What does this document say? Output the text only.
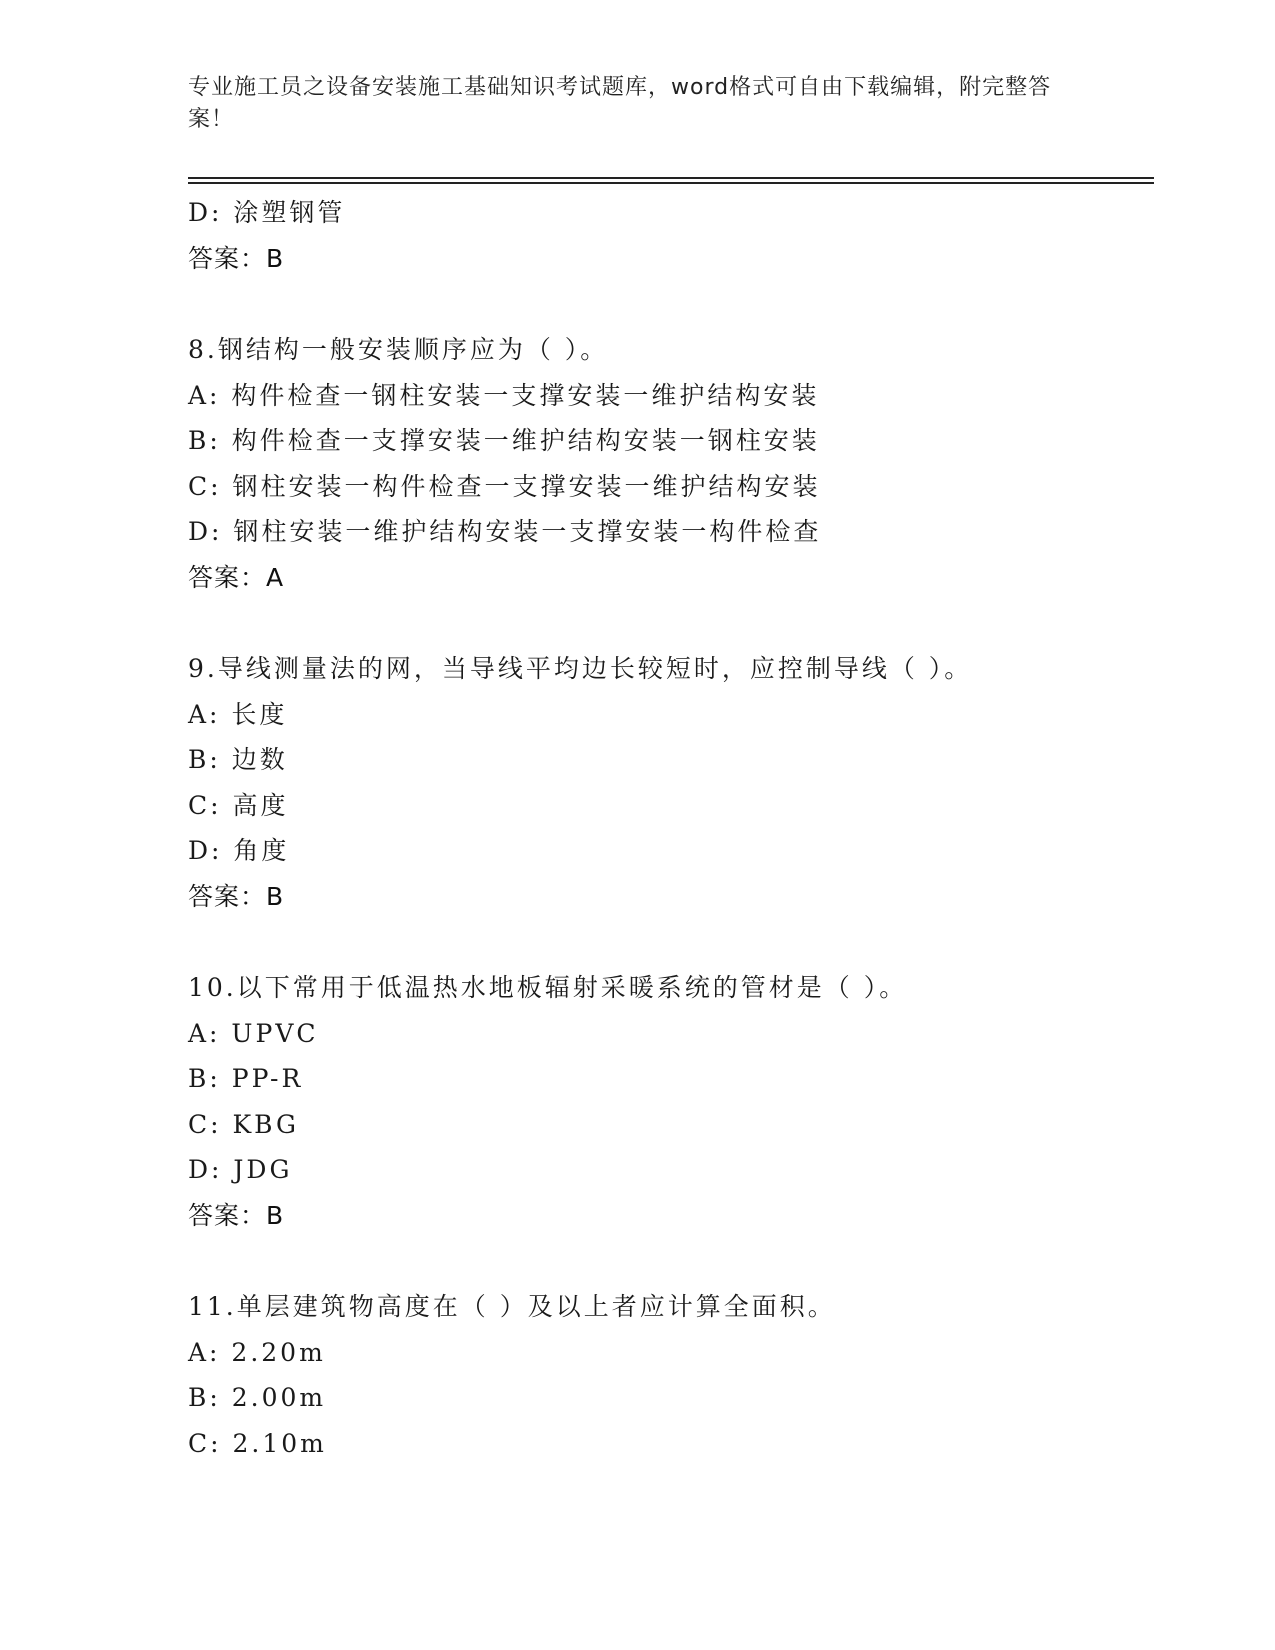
专业施工员之设备安装施工基础知识考试题库，word格式可自由下载编辑，附完整答案！
D: 涂塑钢管
答案：B
8.钢结构一般安装顺序应为（ ）。
A: 构件检查一钢柱安装一支撑安装一维护结构安装
B: 构件检查一支撑安装一维护结构安装一钢柱安装
C: 钢柱安装一构件检查一支撑安装一维护结构安装
D: 钢柱安装一维护结构安装一支撑安装一构件检查
答案：A
9.导线测量法的网，当导线平均边长较短时，应控制导线（ ）。
A: 长度
B: 边数
C: 高度
D: 角度
答案：B
10.以下常用于低温热水地板辐射采暖系统的管材是（ ）。
A: UPVC
B: PP-R
C: KBG
D: JDG
答案：B
11.单层建筑物高度在（ ）及以上者应计算全面积。
A: 2.20m
B: 2.00m
C: 2.10m
